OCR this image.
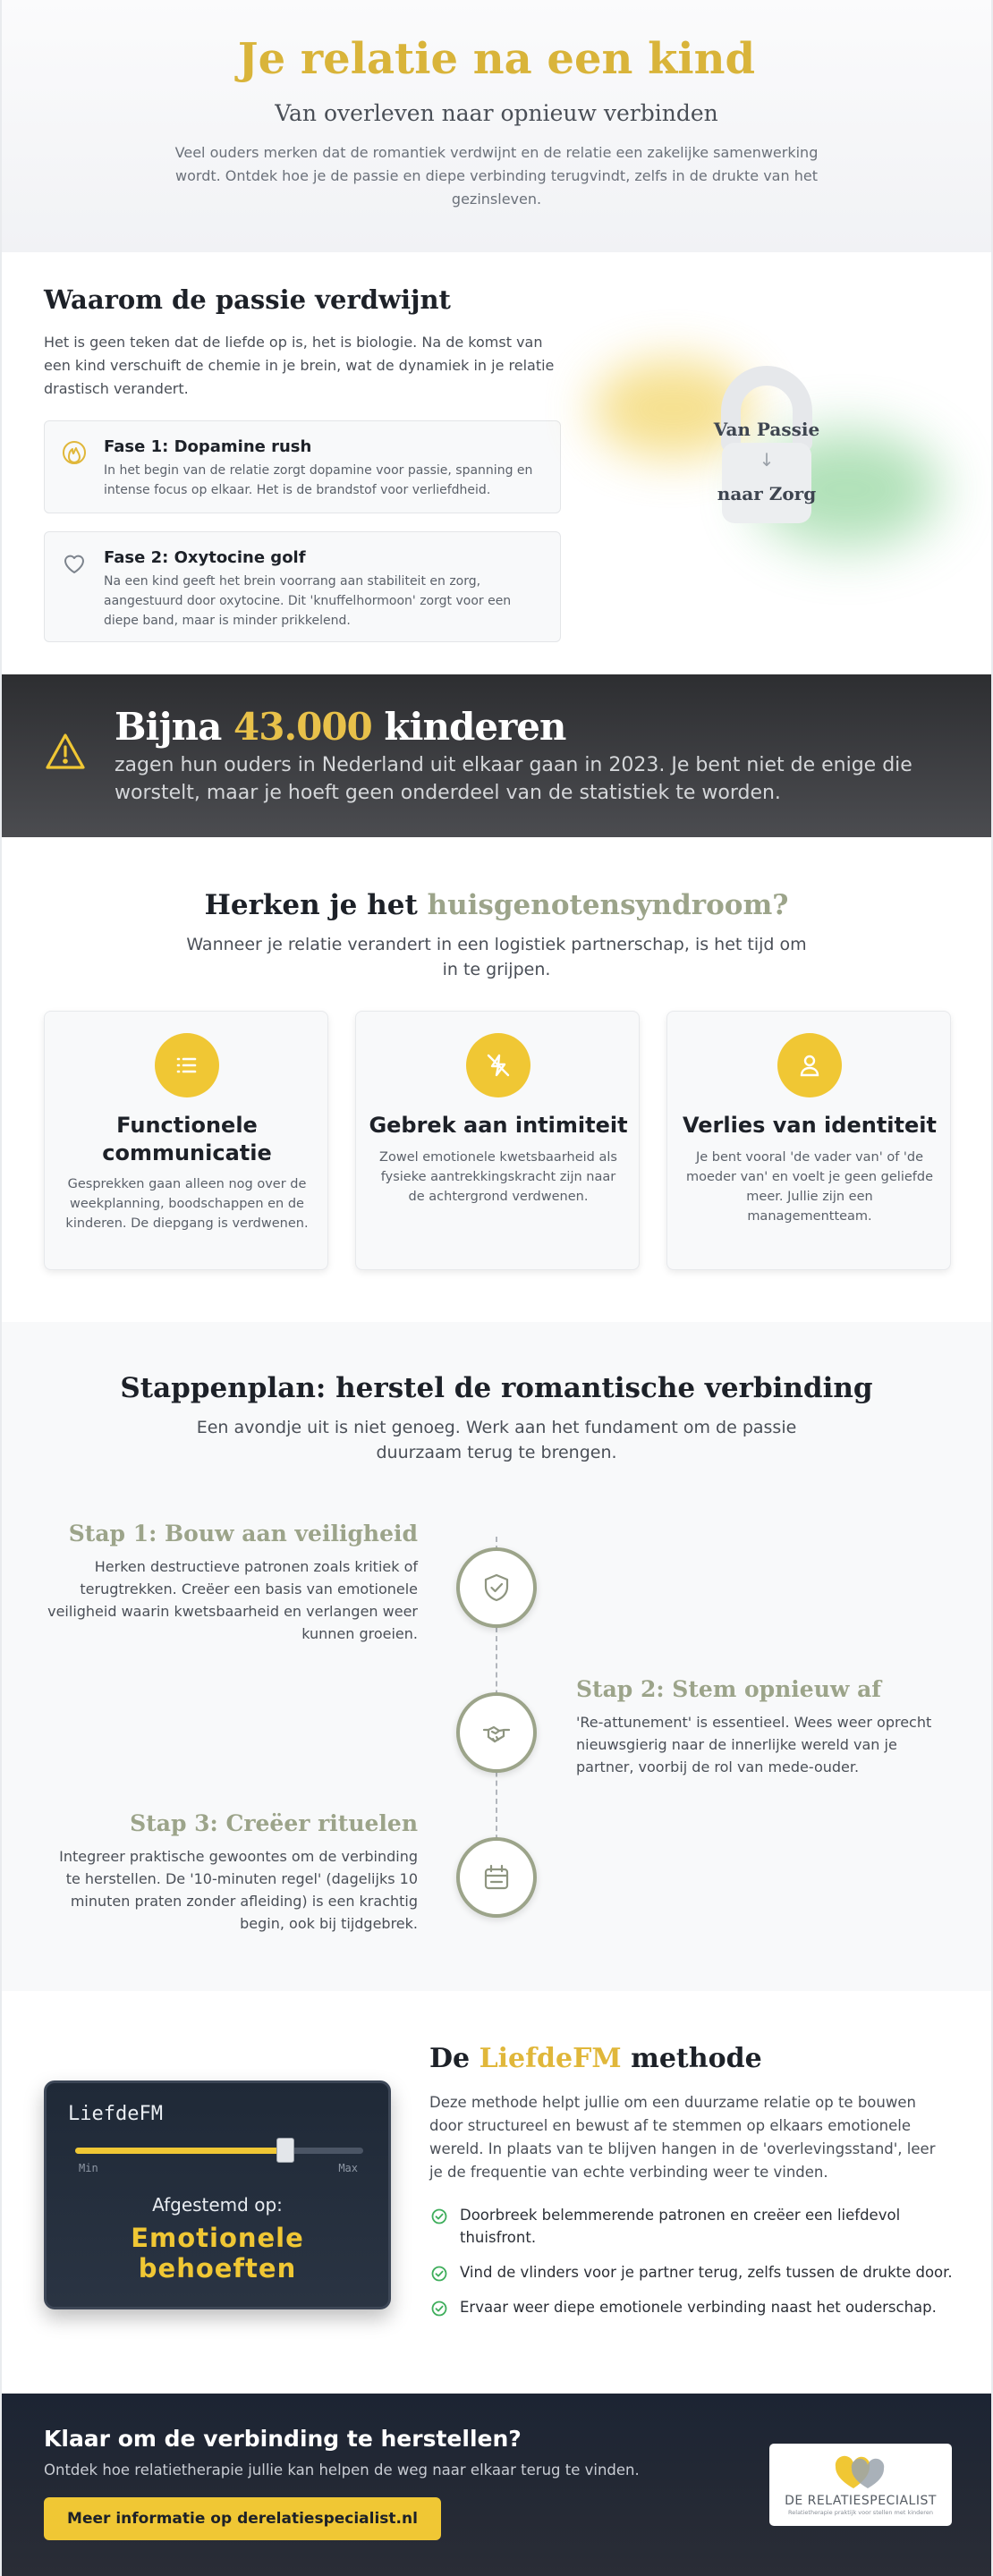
Je relatie na een kind
Van overleven naar opnieuw verbinden

Veel ouders merken dat de romantiek verdwijnt en de relatie een zakelijke samenwerking wordt. Ontdek hoe je de passie en diepe verbinding terugvindt, zelfs in de drukte van het gezinsleven.

Waarom de passie verdwijnt

Het is geen teken dat de liefde op is, het is biologie. Na de komst van een kind verschuift de chemie in je brein, wat de dynamiek in je relatie drastisch verandert.

Fase 1: Dopamine rush

In het begin van de relatie zorgt dopamine voor passie, spanning en intense focus op elkaar. Het is de brandstof voor verliefdheid.

Fase 2: Oxytocine golf

Na een kind geeft het brein voorrang aan stabiliteit en zorg, aangestuurd door oxytocine. Dit 'knuffelhormoon' zorgt voor een diepe band, maar is minder prikkelend.

Van Passie
↓
naar Zorg
Bijna 43.000 kinderen

zagen hun ouders in Nederland uit elkaar gaan in 2023. Je bent niet de enige die worstelt, maar je hoeft geen onderdeel van de statistiek te worden.

Herken je het huisgenotensyndroom?

Wanneer je relatie verandert in een logistiek partnerschap, is het tijd om in te grijpen.

Functionele communicatie

Gesprekken gaan alleen nog over de weekplanning, boodschappen en de kinderen. De diepgang is verdwenen.

Gebrek aan intimiteit

Zowel emotionele kwetsbaarheid als fysieke aantrekkingskracht zijn naar de achtergrond verdwenen.

Verlies van identiteit

Je bent vooral 'de vader van' of 'de moeder van' en voelt je geen geliefde meer. Jullie zijn een managementteam.

Stappenplan: herstel de romantische verbinding

Een avondje uit is niet genoeg. Werk aan het fundament om de passie duurzaam terug te brengen.

Stap 1: Bouw aan veiligheid

Herken destructieve patronen zoals kritiek of terugtrekken. Creëer een basis van emotionele veiligheid waarin kwetsbaarheid en verlangen weer kunnen groeien.

Stap 2: Stem opnieuw af

'Re-attunement' is essentieel. Wees weer oprecht nieuwsgierig naar de innerlijke wereld van je partner, voorbij de rol van mede-ouder.

Stap 3: Creëer rituelen

Integreer praktische gewoontes om de verbinding te herstellen. De '10-minuten regel' (dagelijks 10 minuten praten zonder afleiding) is een krachtig begin, ook bij tijdgebrek.

LiefdeFM
Min	Max
Afgestemd op:
Emotionele behoeften
De LiefdeFM methode

Deze methode helpt jullie om een duurzame relatie op te bouwen door structureel en bewust af te stemmen op elkaars emotionele wereld. In plaats van te blijven hangen in de 'overlevingsstand', leer je de frequentie van echte verbinding weer te vinden.

Doorbreek belemmerende patronen en creëer een liefdevol thuisfront.
Vind de vlinders voor je partner terug, zelfs tussen de drukte door.
Ervaar weer diepe emotionele verbinding naast het ouderschap.
Klaar om de verbinding te herstellen?

Ontdek hoe relatietherapie jullie kan helpen de weg naar elkaar terug te vinden.

Meer informatie op derelatiespecialist.nl
DE RELATIESPECIALIST
Relatietherapie praktijk voor stellen met kinderen
